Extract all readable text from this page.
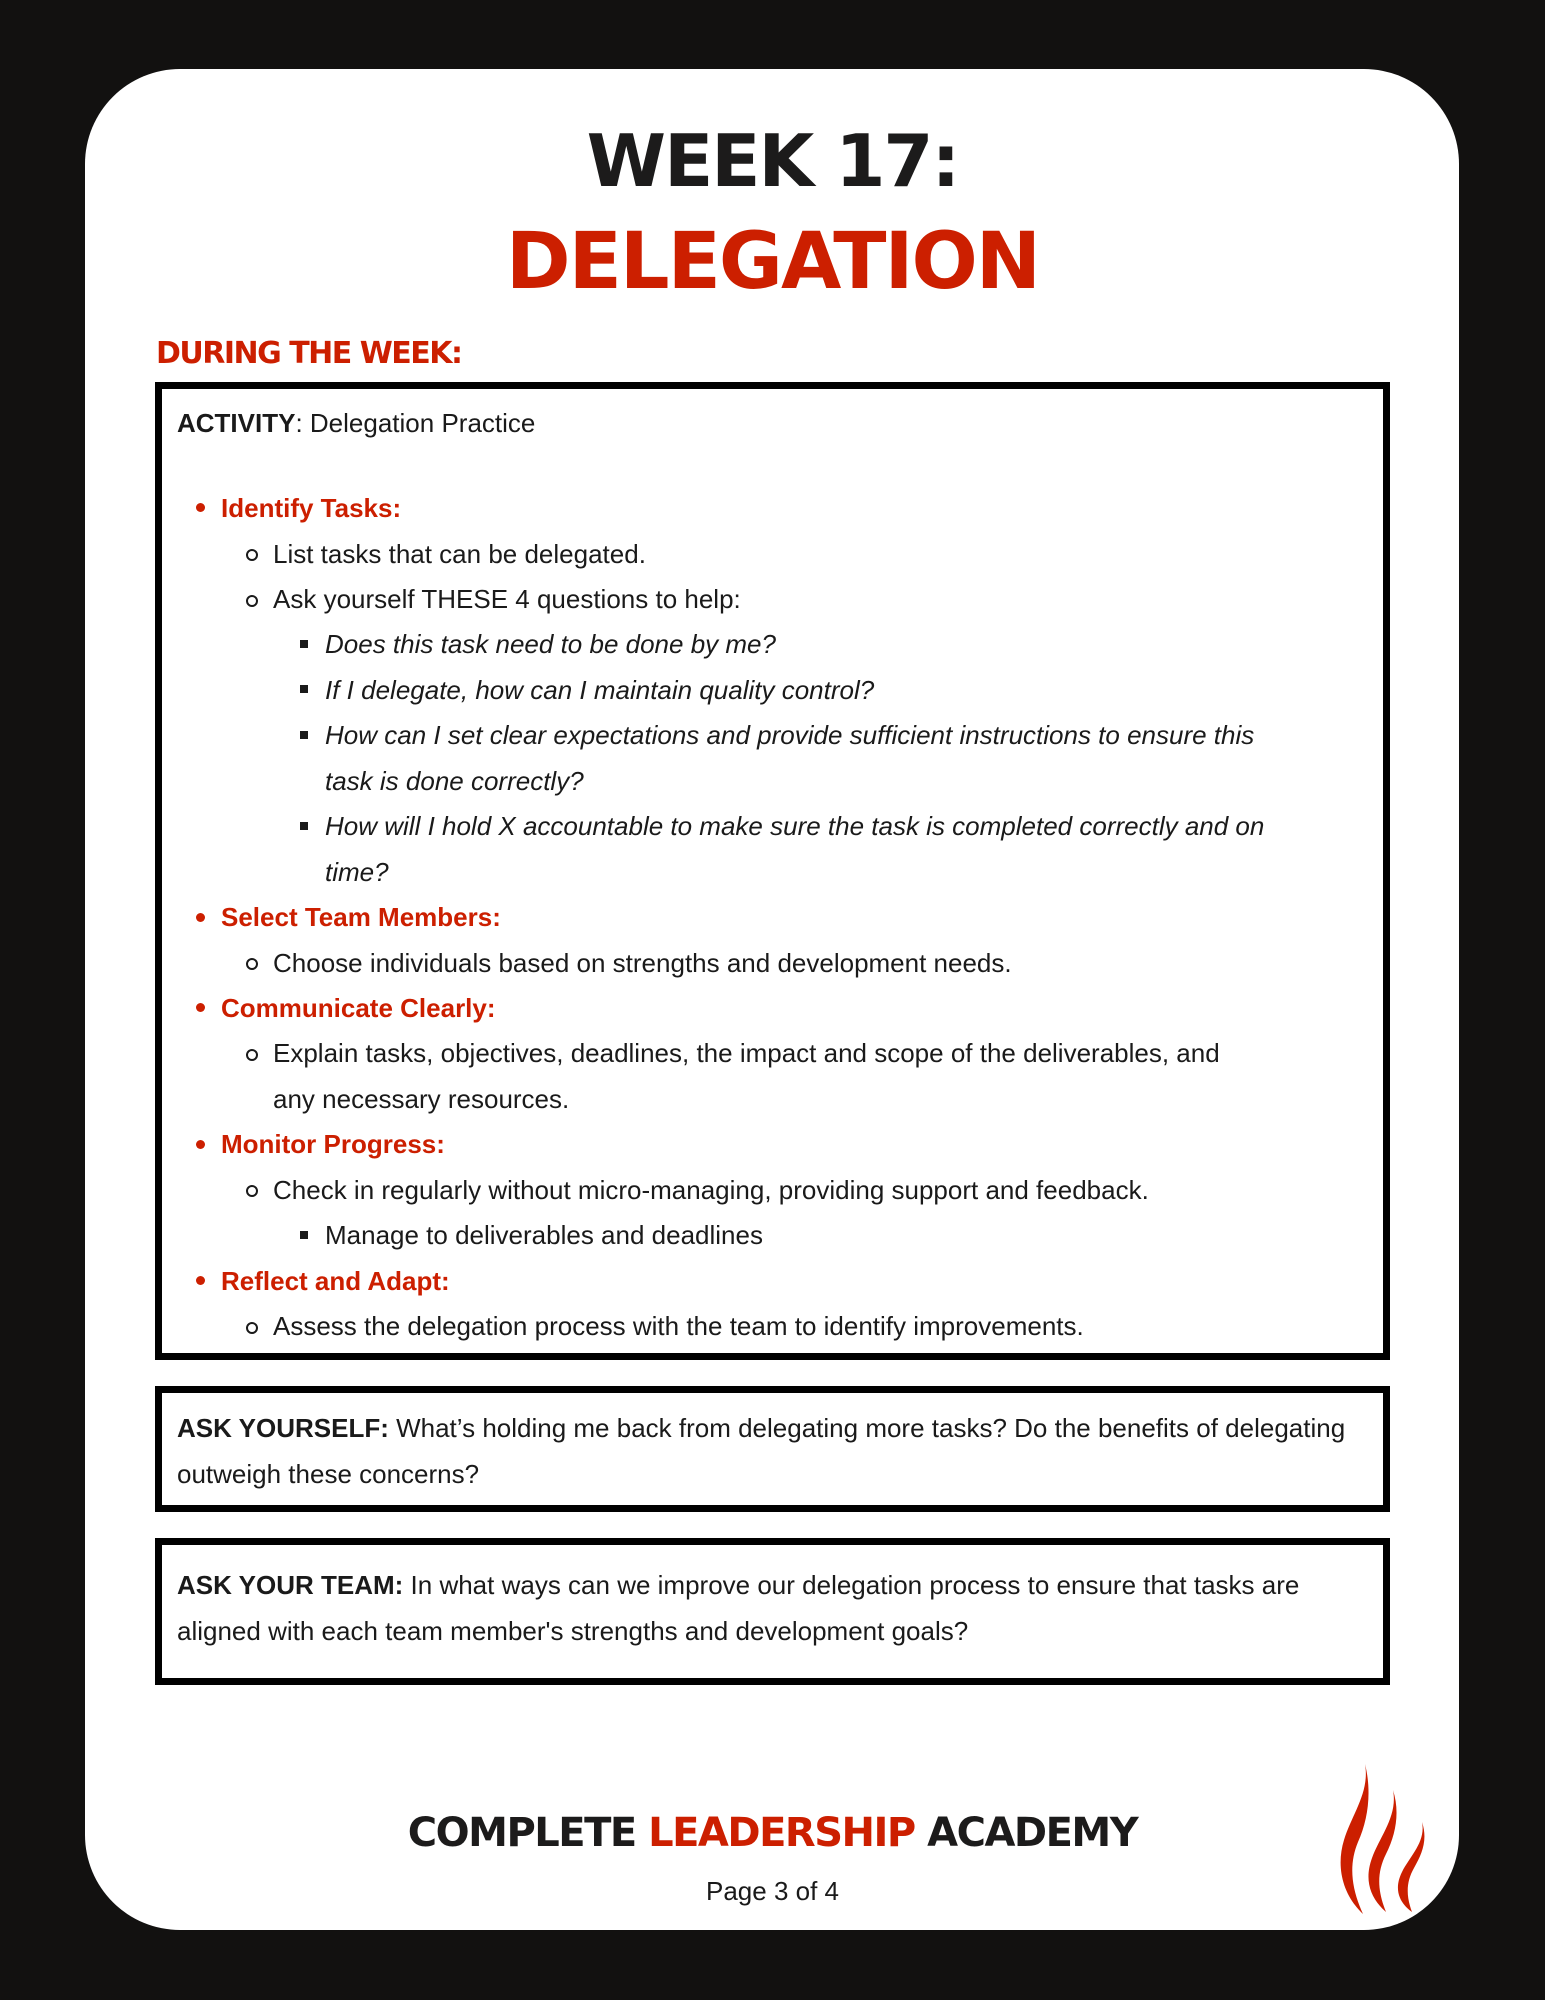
WEEK 17:
DELEGATION
DURING THE WEEK:
ACTIVITY: Delegation Practice
Identify Tasks:
List tasks that can be delegated.
Ask yourself THESE 4 questions to help:
Does this task need to be done by me?
If I delegate, how can I maintain quality control?
How can I set clear expectations and provide sufficient instructions to ensure this
task is done correctly?
How will I hold X accountable to make sure the task is completed correctly and on
time?
Select Team Members:
Choose individuals based on strengths and development needs.
Communicate Clearly:
Explain tasks, objectives, deadlines, the impact and scope of the deliverables, and
any necessary resources.
Monitor Progress:
Check in regularly without micro-managing, providing support and feedback.
Manage to deliverables and deadlines
Reflect and Adapt:
Assess the delegation process with the team to identify improvements.
ASK YOURSELF: What’s holding me back from delegating more tasks? Do the benefits of delegating outweigh these concerns?
ASK YOUR TEAM: In what ways can we improve our delegation process to ensure that tasks are aligned with each team member's strengths and development goals?
COMPLETE LEADERSHIP ACADEMY
Page 3 of 4
